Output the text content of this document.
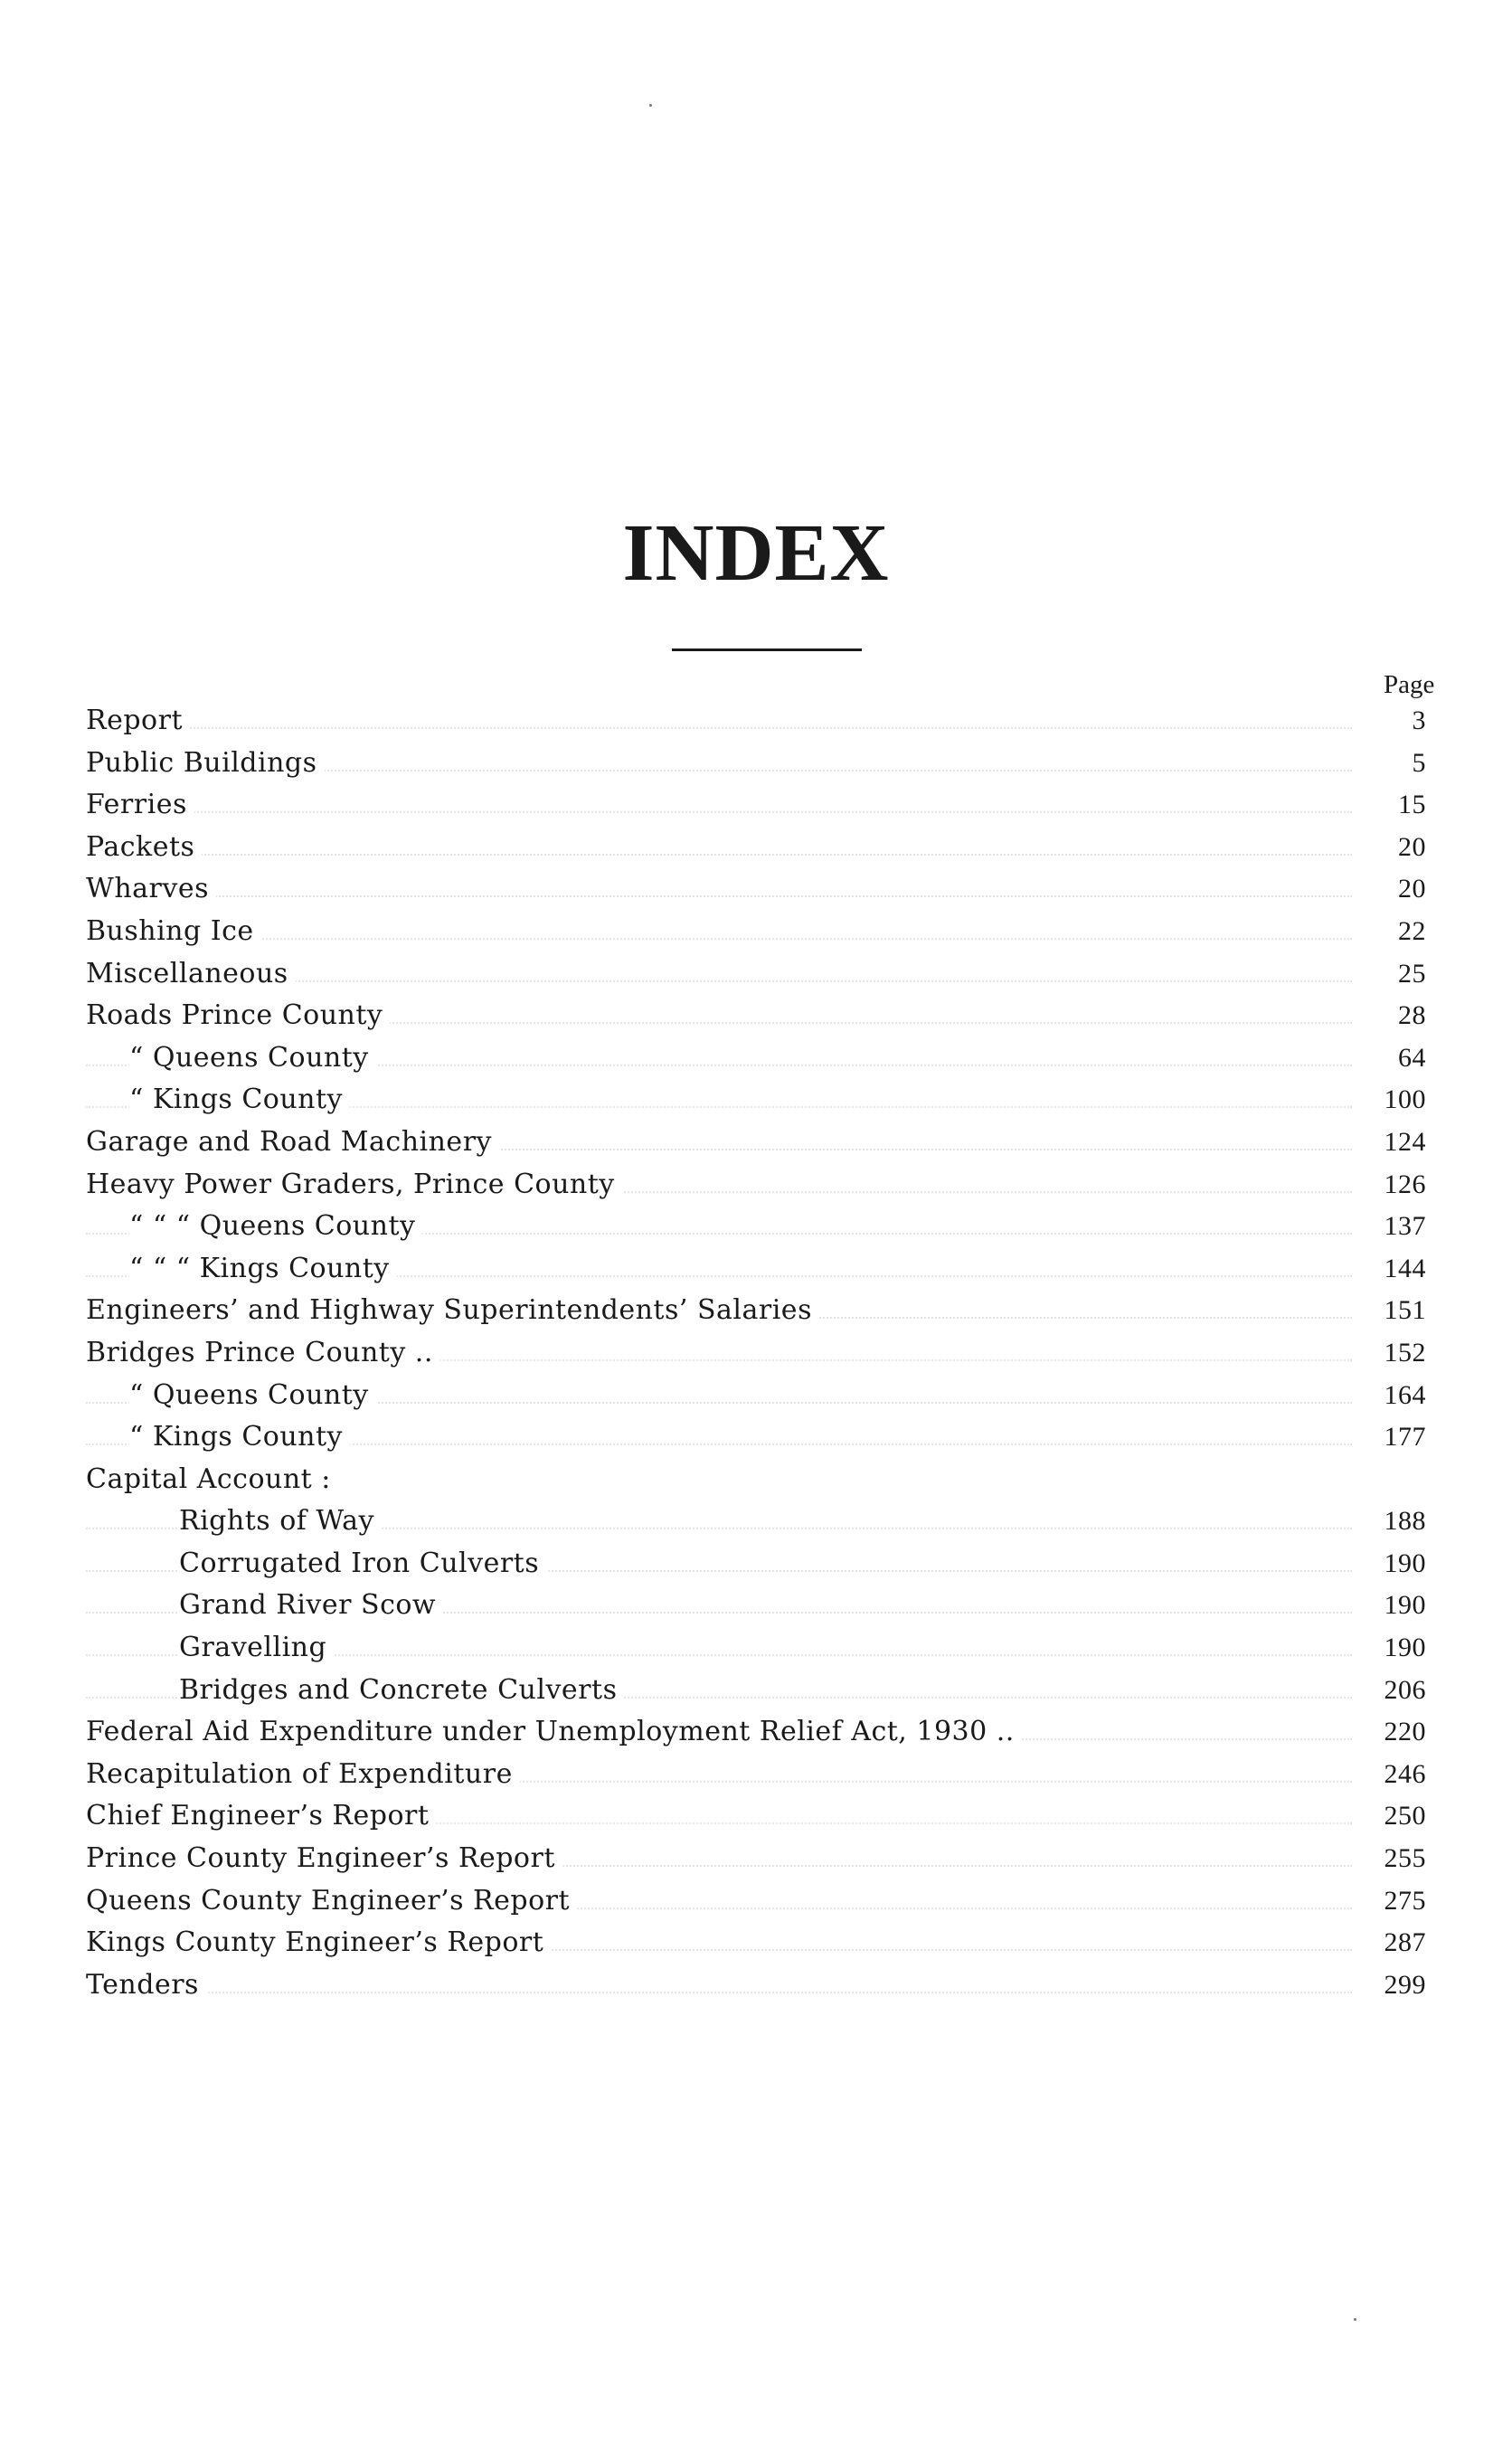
INDEX
Page
Report	3
Public Buildings	5
Ferries	15
Packets	20
Wharves	20
Bushing Ice	22
Miscellaneous	25
Roads Prince County	28
“ Queens County	64
“ Kings County	100
Garage and Road Machinery	124
Heavy Power Graders, Prince County	126
“ “ “ Queens County	137
“ “ “ Kings County	144
Engineers’ and Highway Superintendents’ Salaries	151
Bridges Prince County ..	152
“ Queens County	164
“ Kings County	177
Capital Account :
Rights of Way	188
Corrugated Iron Culverts	190
Grand River Scow	190
Gravelling	190
Bridges and Concrete Culverts	206
Federal Aid Expenditure under Unemployment Relief Act, 1930 ..	220
Recapitulation of Expenditure	246
Chief Engineer’s Report	250
Prince County Engineer’s Report	255
Queens County Engineer’s Report	275
Kings County Engineer’s Report	287
Tenders	299
